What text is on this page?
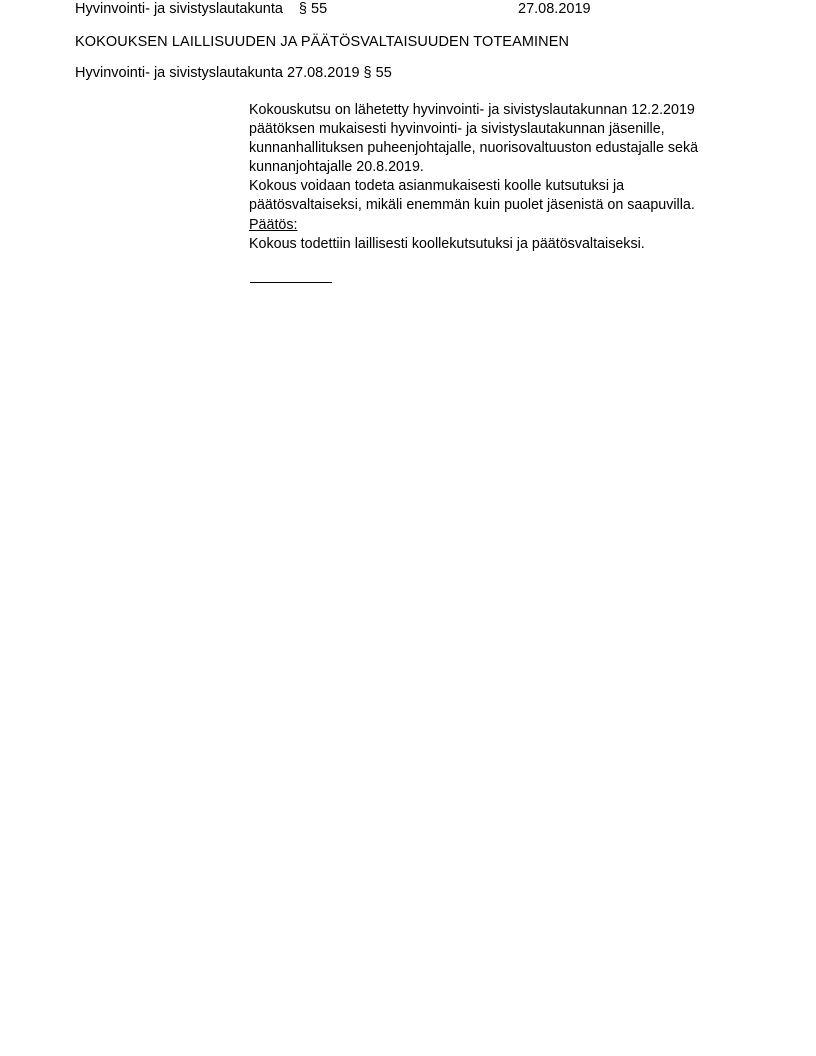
Hyvinvointi- ja sivistyslautakunta § 55	27.08.2019
KOKOUKSEN LAILLISUUDEN JA PÄÄTÖSVALTAISUUDEN TOTEAMINEN
Hyvinvointi- ja sivistyslautakunta 27.08.2019 § 55

Kokouskutsu on lähetetty hyvinvointi- ja sivistyslautakunnan 12.2.2019 päätöksen mukaisesti hyvinvointi- ja sivistyslautakunnan jäsenille, kunnanhallituksen puheenjohtajalle, nuorisovaltuuston edustajalle sekä kunnanjohtajalle 20.8.2019.

Kokous voidaan todeta asianmukaisesti koolle kutsutuksi ja päätösvaltaiseksi, mikäli enemmän kuin puolet jäsenistä on saapuvilla.

Päätös:

Kokous todettiin laillisesti koollekutsutuksi ja päätösvaltaiseksi.
